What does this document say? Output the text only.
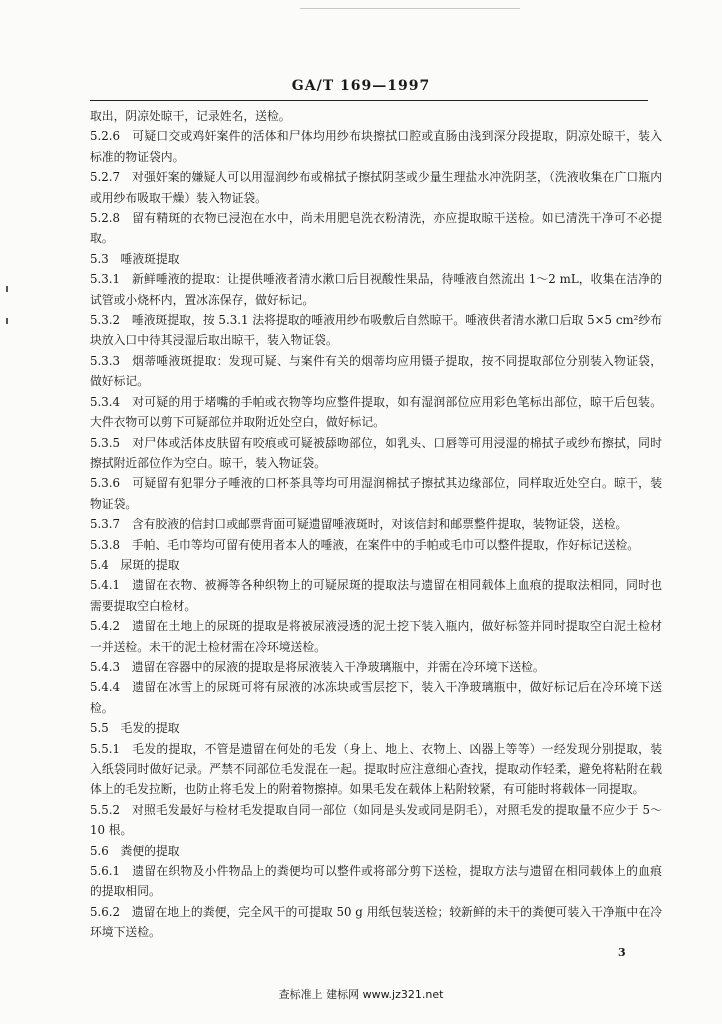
GA/T 169—1997

取出，阴凉处晾干，记录姓名，送检。

5.2.6　可疑口交或鸡奸案件的活体和尸体均用纱布块擦拭口腔或直肠由浅到深分段提取，阴凉处晾干，装入标准的物证袋内。

5.2.7　对强奸案的嫌疑人可以用湿润纱布或棉拭子擦拭阴茎或少量生理盐水冲洗阴茎，（洗液收集在广口瓶内或用纱布吸取干燥）装入物证袋。

5.2.8　留有精斑的衣物已浸泡在水中，尚未用肥皂洗衣粉清洗，亦应提取晾干送检。如已清洗干净可不必提取。

5.3　唾液斑提取

5.3.1　新鲜唾液的提取：让提供唾液者清水漱口后目视酸性果品，待唾液自然流出 1～2 mL，收集在洁净的试管或小烧杯内，置冰冻保存，做好标记。

5.3.2　唾液斑提取，按 5.3.1 法将提取的唾液用纱布吸敷后自然晾干。唾液供者清水漱口后取 5×5 cm²纱布块放入口中待其浸湿后取出晾干，装入物证袋。

5.3.3　烟蒂唾液斑提取：发现可疑、与案件有关的烟蒂均应用镊子提取，按不同提取部位分别装入物证袋，做好标记。

5.3.4　对可疑的用于堵嘴的手帕或衣物等均应整件提取，如有湿润部位应用彩色笔标出部位，晾干后包装。大件衣物可以剪下可疑部位并取附近处空白，做好标记。

5.3.5　对尸体或活体皮肤留有咬痕或可疑被舔吻部位，如乳头、口唇等可用浸湿的棉拭子或纱布擦拭，同时擦拭附近部位作为空白。晾干，装入物证袋。

5.3.6　可疑留有犯罪分子唾液的口杯茶具等均可用湿润棉拭子擦拭其边缘部位，同样取近处空白。晾干，装物证袋。

5.3.7　含有胶液的信封口或邮票背面可疑遗留唾液斑时，对该信封和邮票整件提取，装物证袋，送检。

5.3.8　手帕、毛巾等均可留有使用者本人的唾液，在案件中的手帕或毛巾可以整件提取，作好标记送检。

5.4　尿斑的提取

5.4.1　遗留在衣物、被褥等各种织物上的可疑尿斑的提取法与遗留在相同载体上血痕的提取法相同，同时也需要提取空白检材。

5.4.2　遗留在土地上的尿斑的提取是将被尿液浸透的泥土挖下装入瓶内，做好标签并同时提取空白泥土检材一并送检。未干的泥土检材需在冷环境送检。

5.4.3　遗留在容器中的尿液的提取是将尿液装入干净玻璃瓶中，并需在冷环境下送检。

5.4.4　遗留在冰雪上的尿斑可将有尿液的冰冻块或雪层挖下，装入干净玻璃瓶中，做好标记后在冷环境下送检。

5.5　毛发的提取

5.5.1　毛发的提取，不管是遗留在何处的毛发（身上、地上、衣物上、凶器上等等）一经发现分别提取，装入纸袋同时做好记录。严禁不同部位毛发混在一起。提取时应注意细心查找，提取动作轻柔，避免将粘附在载体上的毛发拉断，也防止将毛发上的附着物擦掉。如果毛发在载体上粘附较紧，有可能时将载体一同提取。

5.5.2　对照毛发最好与检材毛发提取自同一部位（如同是头发或同是阴毛），对照毛发的提取量不应少于 5～10 根。

5.6　粪便的提取

5.6.1　遗留在织物及小件物品上的粪便均可以整件或将部分剪下送检，提取方法与遗留在相同载体上的血痕的提取相同。

5.6.2　遗留在地上的粪便，完全风干的可提取 50 g 用纸包装送检；较新鲜的未干的粪便可装入干净瓶中在冷环境下送检。

3
查标准上 建标网 www.jz321.net
